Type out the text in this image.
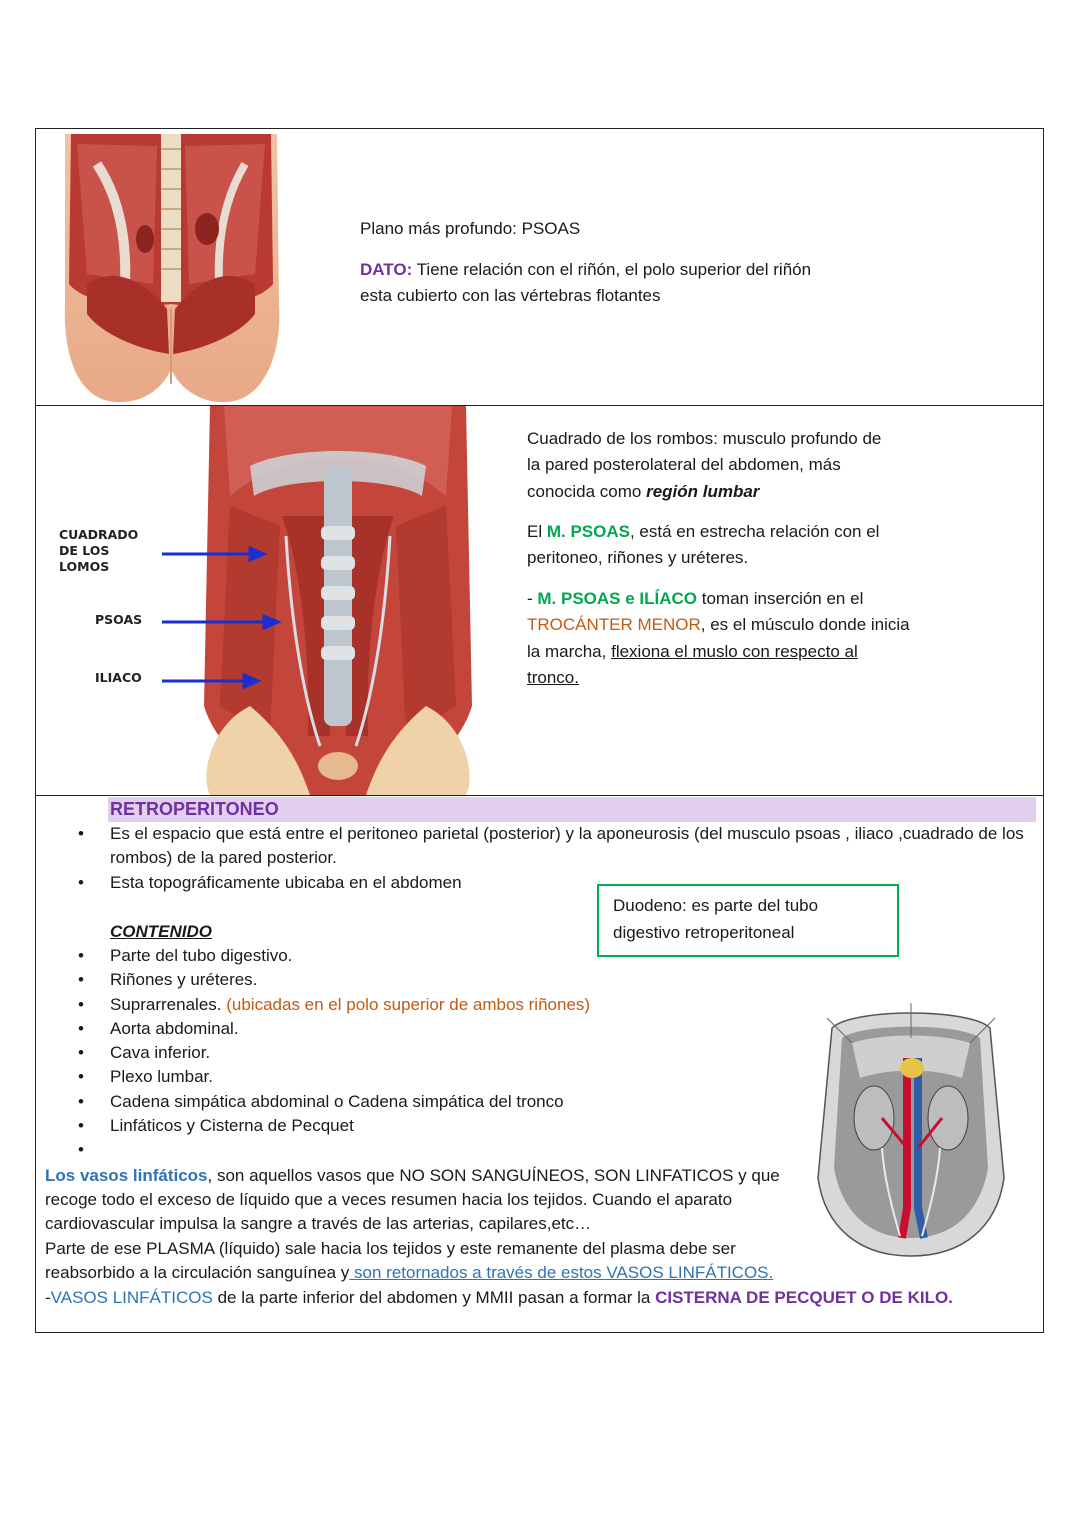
Plano más profundo: PSOAS
DATO: Tiene relación con el riñón, el polo superior del riñón
esta cubierto con las vértebras flotantes
CUADRADO
DE LOS
LOMOS
PSOAS
ILIACO
Cuadrado de los rombos: musculo profundo de
la pared posterolateral del abdomen, más
conocida como región lumbar
El M. PSOAS, está en estrecha relación con el
peritoneo, riñones y uréteres.
- M. PSOAS e ILÍACO toman inserción en el
TROCÁNTER MENOR, es el músculo donde inicia
la marcha, flexiona el muslo con respecto al
tronco.
RETROPERITONEO
• Es el espacio que está entre el peritoneo parietal (posterior) y la aponeurosis (del musculo psoas , iliaco ,cuadrado de los rombos) de la pared posterior.
• Esta topográficamente ubicaba en el abdomen
CONTENIDO
• Parte del tubo digestivo.
• Riñones y uréteres.
• Suprarrenales. (ubicadas en el polo superior de ambos riñones)
• Aorta abdominal.
• Cava inferior.
• Plexo lumbar.
• Cadena simpática abdominal o Cadena simpática del tronco
• Linfáticos y Cisterna de Pecquet
•
Duodeno: es parte del tubo
digestivo retroperitoneal
Los vasos linfáticos, son aquellos vasos que NO SON SANGUÍNEOS, SON LINFATICOS y que
recoge todo el exceso de líquido que a veces resumen hacia los tejidos. Cuando el aparato
cardiovascular impulsa la sangre a través de las arterias, capilares,etc…
Parte de ese PLASMA (líquido) sale hacia los tejidos y este remanente del plasma debe ser
reabsorbido a la circulación sanguínea y son retornados a través de estos VASOS LINFÁTICOS.
-VASOS LINFÁTICOS de la parte inferior del abdomen y MMII pasan a formar la CISTERNA DE PECQUET O DE KILO.
